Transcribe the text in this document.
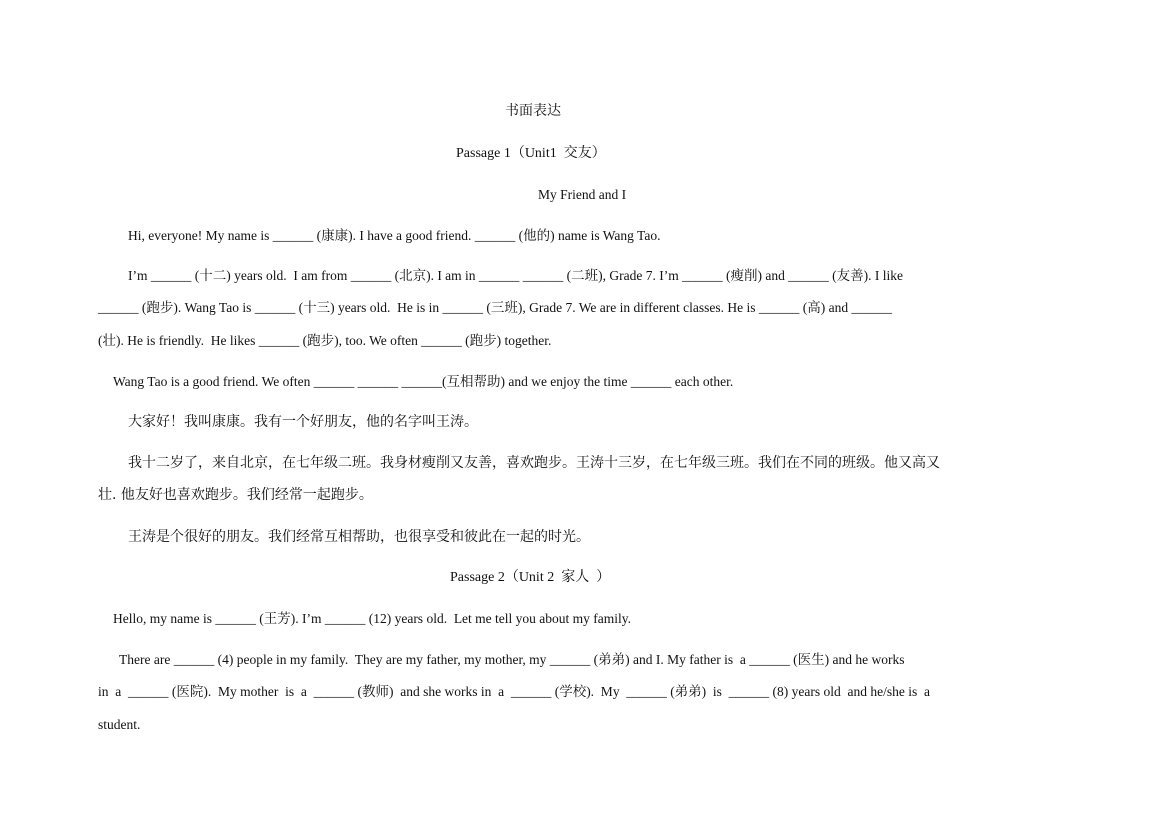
书面表达
Passage 1（Unit1  交友）
My Friend and I
Hi, everyone! My name is ______ (康康). I have a good friend. ______ (他的) name is Wang Tao.
I’m ______ (十二) years old.  I am from ______ (北京). I am in ______ ______ (二班), Grade 7. I’m ______ (瘦削) and ______ (友善). I like
______ (跑步). Wang Tao is ______ (十三) years old.  He is in ______ (三班), Grade 7. We are in different classes. He is ______ (高) and ______
(壮). He is friendly.  He likes ______ (跑步), too. We often ______ (跑步) together.
Wang Tao is a good friend. We often ______ ______ ______(互相帮助) and we enjoy the time ______ each other.
大家好！我叫康康。我有一个好朋友，他的名字叫王涛。
我十二岁了，来自北京，在七年级二班。我身材瘦削又友善，喜欢跑步。王涛十三岁，在七年级三班。我们在不同的班级。他又高又
壮. 他友好也喜欢跑步。我们经常一起跑步。
王涛是个很好的朋友。我们经常互相帮助，也很享受和彼此在一起的时光。
Passage 2（Unit 2  家人  ）
Hello, my name is ______ (王芳). I’m ______ (12) years old.  Let me tell you about my family.
There are ______ (4) people in my family.  They are my father, my mother, my ______ (弟弟) and I. My father is  a ______ (医生) and he works
in  a  ______ (医院).  My mother  is  a  ______ (教师)  and she works in  a  ______ (学校).  My  ______ (弟弟)  is  ______ (8) years old  and he/she is  a
student.
